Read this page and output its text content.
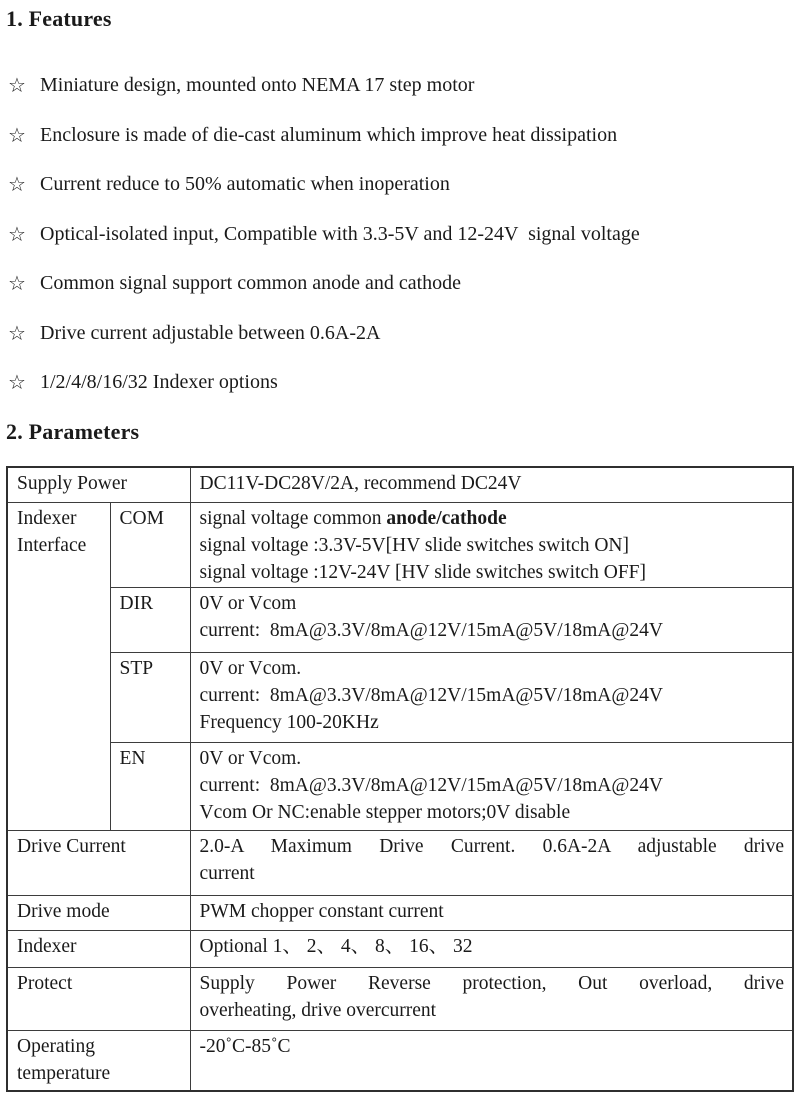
1. Features
☆ Miniature design, mounted onto NEMA 17 step motor
☆ Enclosure is made of die-cast aluminum which improve heat dissipation
☆ Current reduce to 50% automatic when inoperation
☆ Optical-isolated input, Compatible with 3.3-5V and 12-24V  signal voltage
☆ Common signal support common anode and cathode
☆ Drive current adjustable between 0.6A-2A
☆ 1/2/4/8/16/32 Indexer options
2. Parameters
Supply Power		DC11V-DC28V/2A, recommend DC24V
Indexer Interface	COM	signal voltage common anode/cathode
signal voltage :3.3V-5V[HV slide switches switch ON]
signal voltage :12V-24V [HV slide switches switch OFF]

	DIR	0V or Vcom
current:  8mA@3.3V/8mA@12V/15mA@5V/18mA@24V

	STP	0V or Vcom.
current:  8mA@3.3V/8mA@12V/15mA@5V/18mA@24V
Frequency 100-20KHz

	EN	0V or Vcom.
current:  8mA@3.3V/8mA@12V/15mA@5V/18mA@24V
Vcom Or NC:enable stepper motors;0V disable

Drive Current		2.0-A Maximum Drive Current. 0.6A-2A adjustable drive
current

Drive mode		PWM chopper constant current
Indexer		Optional 1、 2、 4、 8、 16、 32
Protect		Supply Power Reverse protection, Out overload, drive
overheating, drive overcurrent

Operating temperature		-20˚C-85˚C
